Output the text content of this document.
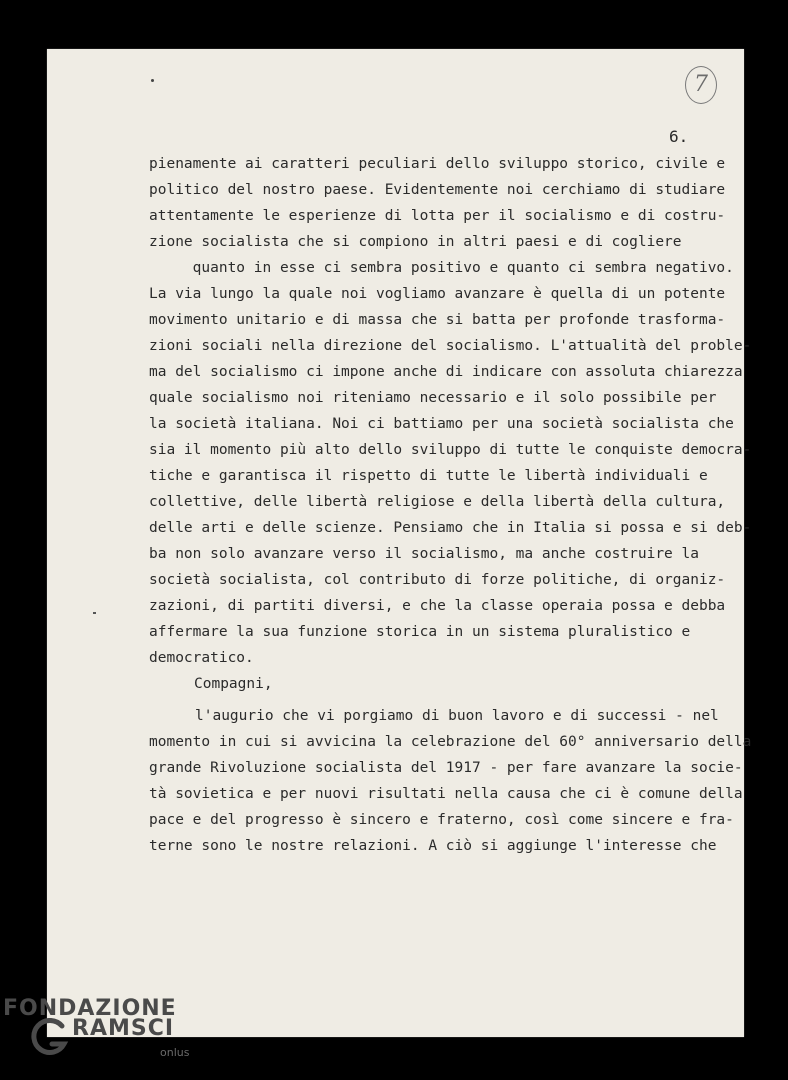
7
6.
pienamente ai caratteri peculiari dello sviluppo storico, civile e
politico del nostro paese. Evidentemente noi cerchiamo di studiare
attentamente le esperienze di lotta per il socialismo e di costru-
zione socialista che si compiono in altri paesi e di cogliere
quanto in esse ci sembra positivo e quanto ci sembra negativo.
La via lungo la quale noi vogliamo avanzare è quella di un potente
movimento unitario e di massa che si batta per profonde trasforma-
zioni sociali nella direzione del socialismo. L'attualità del proble-
ma del socialismo ci impone anche di indicare con assoluta chiarezza
quale socialismo noi riteniamo necessario e il solo possibile per
la società italiana. Noi ci battiamo per una società socialista che
sia il momento più alto dello sviluppo di tutte le conquiste democra-
tiche e garantisca il rispetto di tutte le libertà individuali e
collettive, delle libertà religiose e della libertà della cultura,
delle arti e delle scienze. Pensiamo che in Italia si possa e si deb-
ba non solo avanzare verso il socialismo, ma anche costruire la
società socialista, col contributo di forze politiche, di organiz-
zazioni, di partiti diversi, e che la classe operaia possa e debba
affermare la sua funzione storica in un sistema pluralistico e
democratico.
Compagni,
l'augurio che vi porgiamo di buon lavoro e di successi - nel
momento in cui si avvicina la celebrazione del 60° anniversario della
grande Rivoluzione socialista del 1917 - per fare avanzare la socie-
tà sovietica e per nuovi risultati nella causa che ci è comune della
pace e del progresso è sincero e fraterno, così come sincere e fra-
terne sono le nostre relazioni. A ciò si aggiunge l'interesse che
FONDAZIONE
RAMSCI
onlus
